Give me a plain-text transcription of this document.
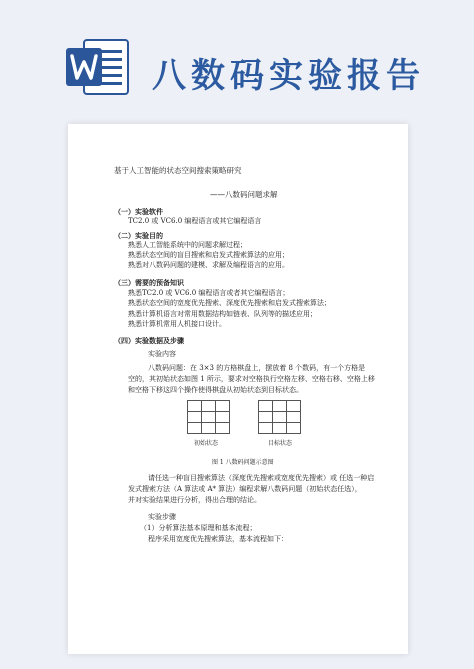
八数码实验报告
基于人工智能的状态空间搜索策略研究
——八数码问题求解
（一）实验软件
TC2.0 或 VC6.0 编程语言或其它编程语言
（二）实验目的
熟悉人工智能系统中的问题求解过程；
熟悉状态空间的盲目搜索和启发式搜索算法的应用；
熟悉对八数码问题的建模、求解及编程语言的应用。
（三）需要的预备知识
熟悉TC2.0 或 VC6.0 编程语言或者其它编程语言；
熟悉状态空间的宽度优先搜索、深度优先搜索和启发式搜索算法；
熟悉计算机语言对常用数据结构如链表、队列等的描述应用；
熟悉计算机常用人机接口设计。
（四）实验数据及步骤
实验内容
八数码问题：在 3×3 的方格棋盘上，摆放着 8 个数码，有一个方格是
空的，其初始状态如图 1 所示，要求对空格执行空格左移、空格右移、空格上移
和空格下移这四个操作使得棋盘从初始状态到目标状态。

初始状态	目标状态
图 1 八数码问题示意图
请任选一种盲目搜索算法（深度优先搜索或宽度优先搜索）或 任选一种启
发式搜索方法（A 算法或 A* 算法）编程求解八数码问题（初始状态任选），
并对实验结果进行分析，得出合理的结论。
实验步骤
（1）分析算法基本原理和基本流程；
程序采用宽度优先搜索算法，基本流程如下：
